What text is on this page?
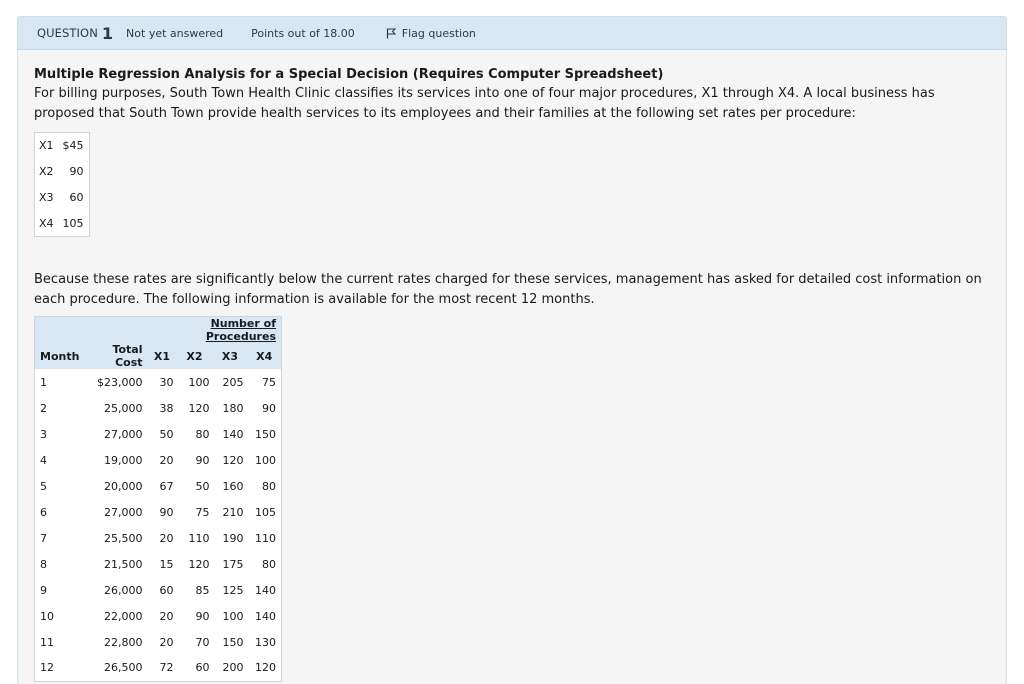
QUESTION 1 Not yet answered	Points out of 18.00	Flag question
Multiple Regression Analysis for a Special Decision (Requires Computer Spreadsheet)
For billing purposes, South Town Health Clinic classifies its services into one of four major procedures, X1 through X4. A local business has proposed that South Town provide health services to its employees and their families at the following set rates per procedure:
X1	$45
X2	90
X3	60
X4	105
Because these rates are significantly below the current rates charged for these services, management has asked for detailed cost information on each procedure. The following information is available for the most recent 12 months.
		Number of Procedures			
Month	Total Cost	X1	X2	X3	X4
1	$23,000	30	100	205	75
2	25,000	38	120	180	90
3	27,000	50	80	140	150
4	19,000	20	90	120	100
5	20,000	67	50	160	80
6	27,000	90	75	210	105
7	25,500	20	110	190	110
8	21,500	15	120	175	80
9	26,000	60	85	125	140
10	22,000	20	90	100	140
11	22,800	20	70	150	130
12	26,500	72	60	200	120
